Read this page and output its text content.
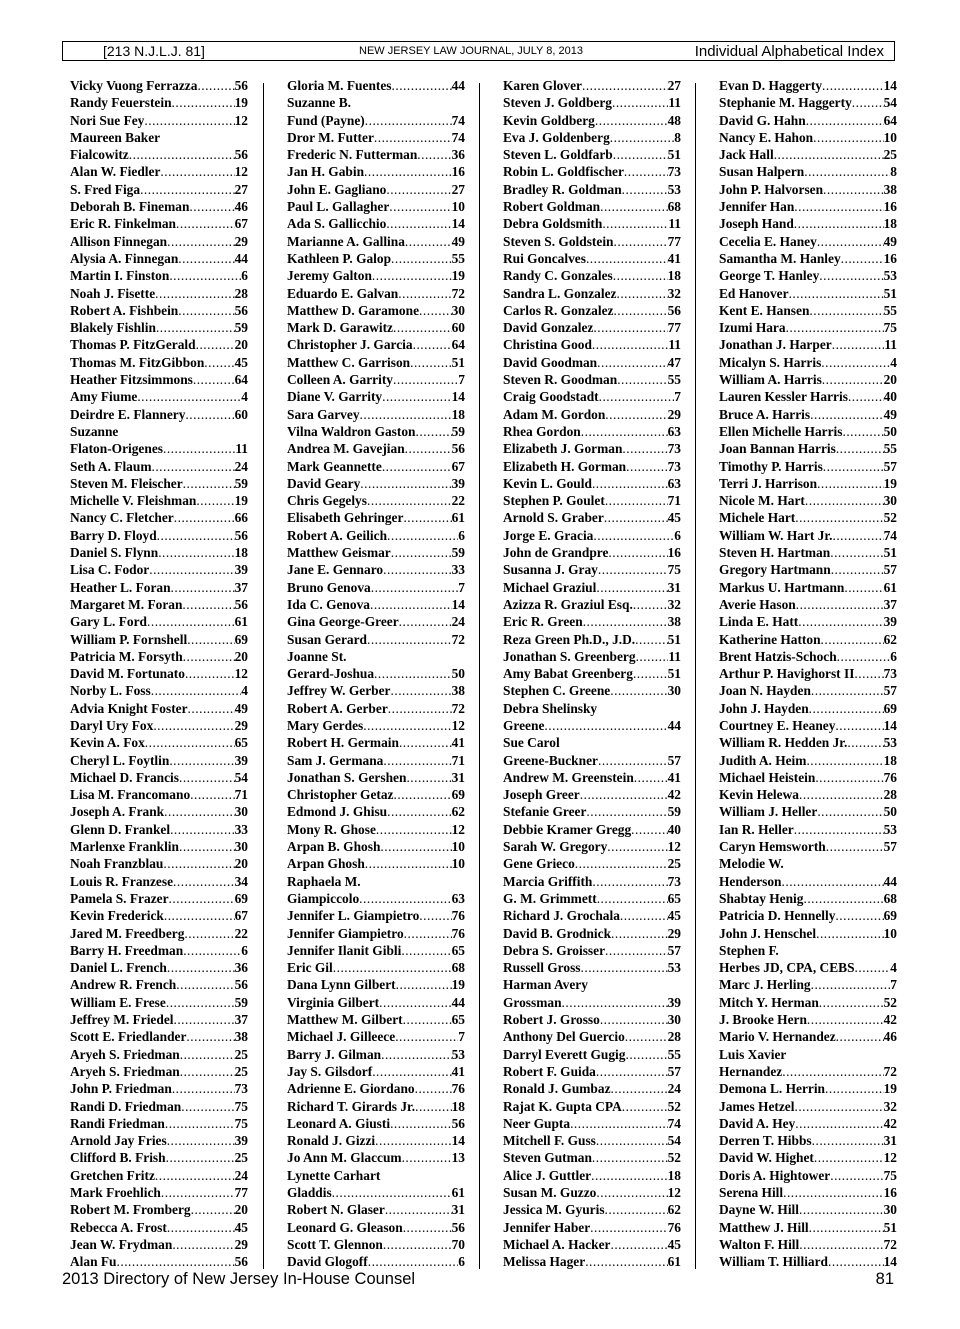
[213 N.J.L.J. 81]	NEW JERSEY LAW JOURNAL, JULY 8, 2013	Individual Alphabetical Index
Vicky Vuong Ferrazza .....	56
Randy Feuerstein .....	19
Nori Sue Fey .....	12
Maureen Baker
Fialcowitz .....	56
Alan W. Fiedler .....	12
S. Fred Figa .....	27
Deborah B. Fineman .....	46
Eric R. Finkelman .....	67
Allison Finnegan .....	29
Alysia A. Finnegan .....	44
Martin I. Finston .....	6
Noah J. Fisette .....	28
Robert A. Fishbein .....	56
Blakely Fishlin .....	59
Thomas P. FitzGerald .....	20
Thomas M. FitzGibbon ..... 45
Heather Fitzsimmons .....	64
Amy Fiume .....	4
Deirdre E. Flannery .....	60
Suzanne
Flaton-Origenes .....	11
Seth A. Flaum .....	24
Steven M. Fleischer .....	59
Michelle V. Fleishman .....	19
Nancy C. Fletcher .....	66
Barry D. Floyd .....	56
Daniel S. Flynn .....	18
Lisa C. Fodor .....	39
Heather L. Foran .....	37
Margaret M. Foran .....	56
Gary L. Ford .....	61
William P. Fornshell .....	69
Patricia M. Forsyth .....	20
David M. Fortunato .....	12
Norby L. Foss .....	4
Advia Knight Foster .....	49
Daryl Ury Fox .....	29
Kevin A. Fox .....	65
Cheryl L. Foytlin .....	39
Michael D. Francis .....	54
Lisa M. Francomano .....	71
Joseph A. Frank .....	30
Glenn D. Frankel .....	33
Marlenxe Franklin .....	30
Noah Franzblau .....	20
Louis R. Franzese .....	34
Pamela S. Frazer .....	69
Kevin Frederick .....	67
Jared M. Freedberg .....	22
Barry H. Freedman .....	6
Daniel L. French .....	36
Andrew R. French .....	56
William E. Frese .....	59
Jeffrey M. Friedel .....	37
Scott E. Friedlander .....	38
Aryeh S. Friedman .....	25
Aryeh S. Friedman .....	25
John P. Friedman .....	73
Randi D. Friedman .....	75
Randi Friedman .....	75
Arnold Jay Fries .....	39
Clifford B. Frish .....	25
Gretchen Fritz .....	24
Mark Froehlich .....	77
Robert M. Fromberg .....	20
Rebecca A. Frost .....	45
Jean W. Frydman .....	29
Alan Fu .....	56
Gloria M. Fuentes .....	44
Suzanne B.
Fund (Payne) .....	74
Dror M. Futter .....	74
Frederic N. Futterman .....	36
Jan H. Gabin .....	16
John E. Gagliano .....	27
Paul L. Gallagher .....	10
Ada S. Gallicchio .....	14
Marianne A. Gallina .....	49
Kathleen P. Galop .....	55
Jeremy Galton .....	19
Eduardo E. Galvan .....	72
Matthew D. Garamone ..... 30
Mark D. Garawitz .....	60
Christopher J. Garcia .....	64
Matthew C. Garrison .....	51
Colleen A. Garrity .....	7
Diane V. Garrity .....	14
Sara Garvey .....	18
Vilna Waldron Gaston .....	59
Andrea M. Gavejian .....	56
Mark Geannette .....	67
David Geary .....	39
Chris Gegelys .....	22
Elisabeth Gehringer .....	61
Robert A. Geilich .....	6
Matthew Geismar .....	59
Jane E. Gennaro .....	33
Bruno Genova .....	7
Ida C. Genova .....	14
Gina George-Greer .....	24
Susan Gerard .....	72
Joanne St.
Gerard-Joshua .....	50
Jeffrey W. Gerber .....	38
Robert A. Gerber .....	72
Mary Gerdes .....	12
Robert H. Germain .....	41
Sam J. Germana .....	71
Jonathan S. Gershen .....	31
Christopher Getaz .....	69
Edmond J. Ghisu .....	62
Mony R. Ghose .....	12
Arpan B. Ghosh .....	10
Arpan Ghosh .....	10
Raphaela M.
Giampiccolo .....	63
Jennifer L. Giampietro ..... 76
Jennifer Giampietro .....	76
Jennifer Ilanit Gibli .....	65
Eric Gil .....	68
Dana Lynn Gilbert .....	19
Virginia Gilbert .....	44
Matthew M. Gilbert .....	65
Michael J. Gilleece .....	7
Barry J. Gilman .....	53
Jay S. Gilsdorf .....	41
Adrienne E. Giordano .....	76
Richard T. Girards Jr. .....	18
Leonard A. Giusti .....	56
Ronald J. Gizzi .....	14
Jo Ann M. Glaccum .....	13
Lynette Carhart
Gladdis .....	61
Robert N. Glaser .....	31
Leonard G. Gleason .....	56
Scott T. Glennon .....	70
David Glogoff .....	6
Karen Glover .....	27
Steven J. Goldberg .....	11
Kevin Goldberg .....	48
Eva J. Goldenberg .....	8
Steven L. Goldfarb .....	51
Robin L. Goldfischer .....	73
Bradley R. Goldman .....	53
Robert Goldman .....	68
Debra Goldsmith .....	11
Steven S. Goldstein .....	77
Rui Goncalves .....	41
Randy C. Gonzales .....	18
Sandra L. Gonzalez .....	32
Carlos R. Gonzalez .....	56
David Gonzalez .....	77
Christina Good .....	11
David Goodman .....	47
Steven R. Goodman .....	55
Craig Goodstadt .....	7
Adam M. Gordon .....	29
Rhea Gordon .....	63
Elizabeth J. Gorman .....	73
Elizabeth H. Gorman .....	73
Kevin L. Gould .....	63
Stephen P. Goulet .....	71
Arnold S. Graber .....	45
Jorge E. Gracia .....	6
John de Grandpre .....	16
Susanna J. Gray .....	75
Michael Graziul .....	31
Azizza R. Graziul Esq. .....	32
Eric R. Green .....	38
Reza Green Ph.D., J.D. ..... 51
Jonathan S. Greenberg ..... 11
Amy Babat Greenberg .....	51
Stephen C. Greene .....	30
Debra Shelinsky
Greene .....	44
Sue Carol
Greene-Buckner .....	57
Andrew M. Greenstein .....	41
Joseph Greer .....	42
Stefanie Greer .....	59
Debbie Kramer Gregg .....	40
Sarah W. Gregory .....	12
Gene Grieco .....	25
Marcia Griffith .....	73
G. M. Grimmett .....	65
Richard J. Grochala .....	45
David B. Grodnick .....	29
Debra S. Groisser .....	57
Russell Gross .....	53
Harman Avery
Grossman .....	39
Robert J. Grosso .....	30
Anthony Del Guercio .....	28
Darryl Everett Gugig .....	55
Robert F. Guida .....	57
Ronald J. Gumbaz .....	24
Rajat K. Gupta CPA .....	52
Neer Gupta .....	74
Mitchell F. Guss .....	54
Steven Gutman .....	52
Alice J. Guttler .....	18
Susan M. Guzzo .....	12
Jessica M. Gyuris .....	62
Jennifer Haber .....	76
Michael A. Hacker .....	45
Melissa Hager .....	61
Evan D. Haggerty .....	14
Stephanie M. Haggerty ..... 54
David G. Hahn .....	64
Nancy E. Hahon .....	10
Jack Hall .....	25
Susan Halpern .....	8
John P. Halvorsen .....	38
Jennifer Han .....	16
Joseph Hand .....	18
Cecelia E. Haney .....	49
Samantha M. Hanley .....	16
George T. Hanley .....	53
Ed Hanover .....	51
Kent E. Hansen .....	55
Izumi Hara .....	75
Jonathan J. Harper .....	11
Micalyn S. Harris .....	4
William A. Harris .....	20
Lauren Kessler Harris .....	40
Bruce A. Harris .....	49
Ellen Michelle Harris .....	50
Joan Bannan Harris .....	55
Timothy P. Harris .....	57
Terri J. Harrison .....	19
Nicole M. Hart .....	30
Michele Hart .....	52
William W. Hart Jr. .....	74
Steven H. Hartman .....	51
Gregory Hartmann .....	57
Markus U. Hartmann .....	61
Averie Hason .....	37
Linda E. Hatt .....	39
Katherine Hatton .....	62
Brent Hatzis-Schoch .....	6
Arthur P. Havighorst II ..... 73
Joan N. Hayden .....	57
John J. Hayden .....	69
Courtney E. Heaney .....	14
William R. Hedden Jr. .....	53
Judith A. Heim .....	18
Michael Heistein .....	76
Kevin Helewa .....	28
William J. Heller .....	50
Ian R. Heller .....	53
Caryn Hemsworth .....	57
Melodie W.
Henderson .....	44
Shabtay Henig .....	68
Patricia D. Hennelly .....	69
John J. Henschel .....	10
Stephen F.
Herbes JD, CPA, CEBS .....	4
Marc J. Herling .....	7
Mitch Y. Herman .....	52
J. Brooke Hern .....	42
Mario V. Hernandez .....	46
Luis Xavier
Hernandez .....	72
Demona L. Herrin .....	19
James Hetzel .....	32
David A. Hey .....	42
Derren T. Hibbs .....	31
David W. Highet .....	12
Doris A. Hightower .....	75
Serena Hill .....	16
Dayne W. Hill .....	30
Matthew J. Hill .....	51
Walton F. Hill .....	72
William T. Hilliard .....	14
2013 Directory of New Jersey In-House Counsel	81
